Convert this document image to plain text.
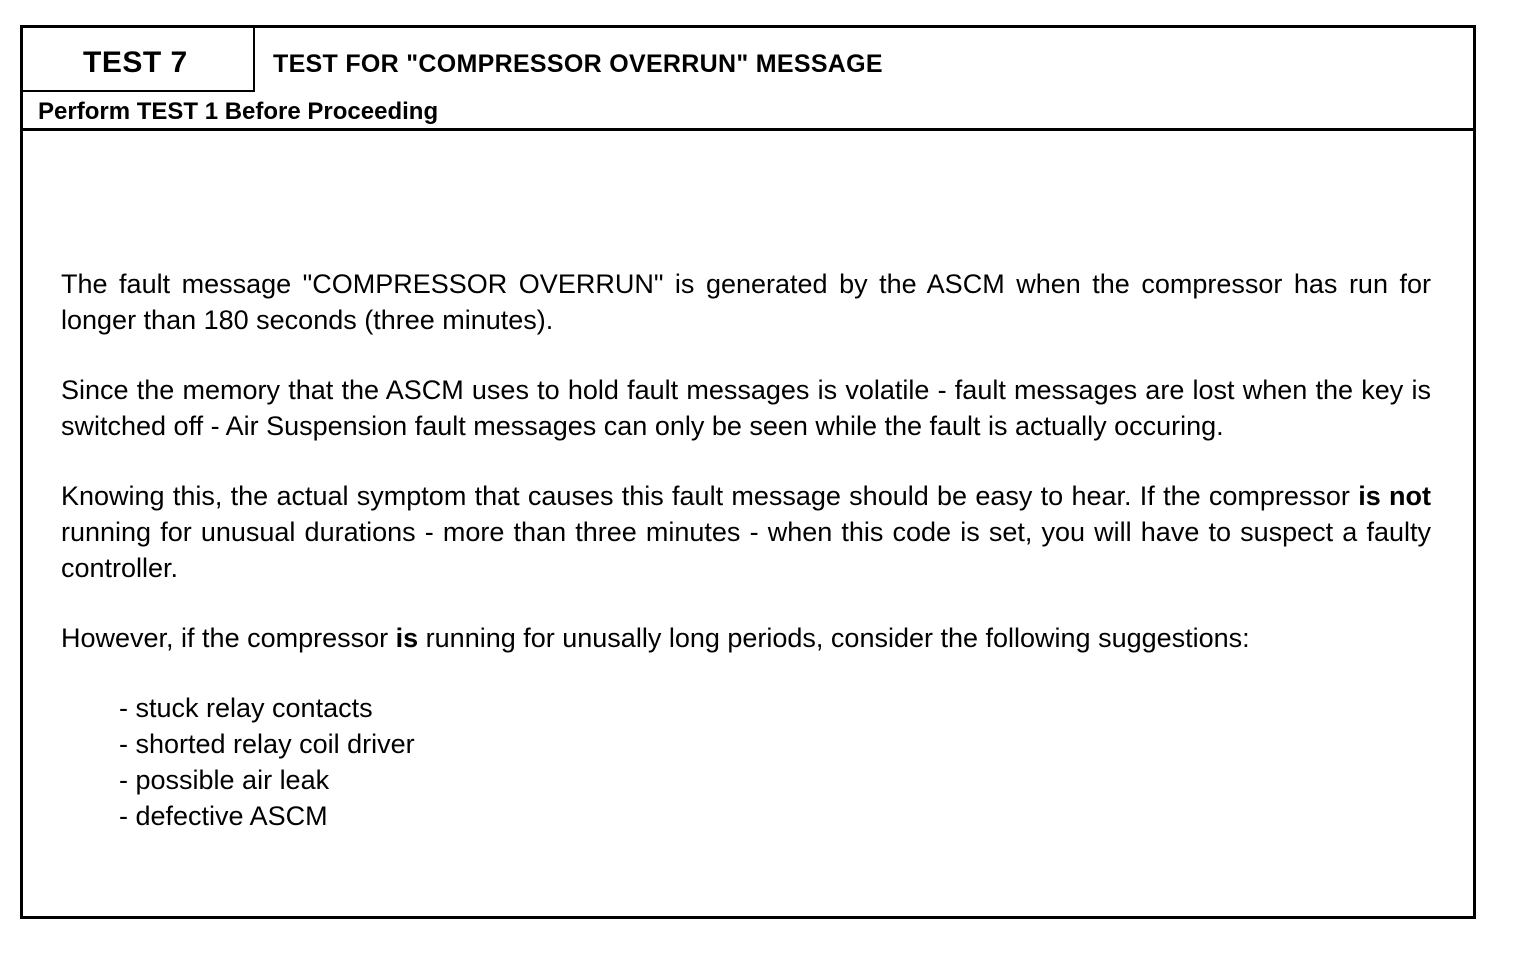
TEST 7	TEST FOR "COMPRESSOR OVERRUN" MESSAGE
Perform TEST 1 Before Proceeding

The fault message "COMPRESSOR OVERRUN" is generated by the ASCM when the compressor has run for longer than 180 seconds (three minutes).

Since the memory that the ASCM uses to hold fault messages is volatile - fault messages are lost when the key is switched off - Air Suspension fault messages can only be seen while the fault is actually occuring.

Knowing this, the actual symptom that causes this fault message should be easy to hear. If the compressor is not running for unusual durations - more than three minutes - when this code is set, you will have to suspect a faulty controller.

However, if the compressor is running for unusally long periods, consider the following suggestions:

- stuck relay contacts
- shorted relay coil driver
- possible air leak
- defective ASCM
